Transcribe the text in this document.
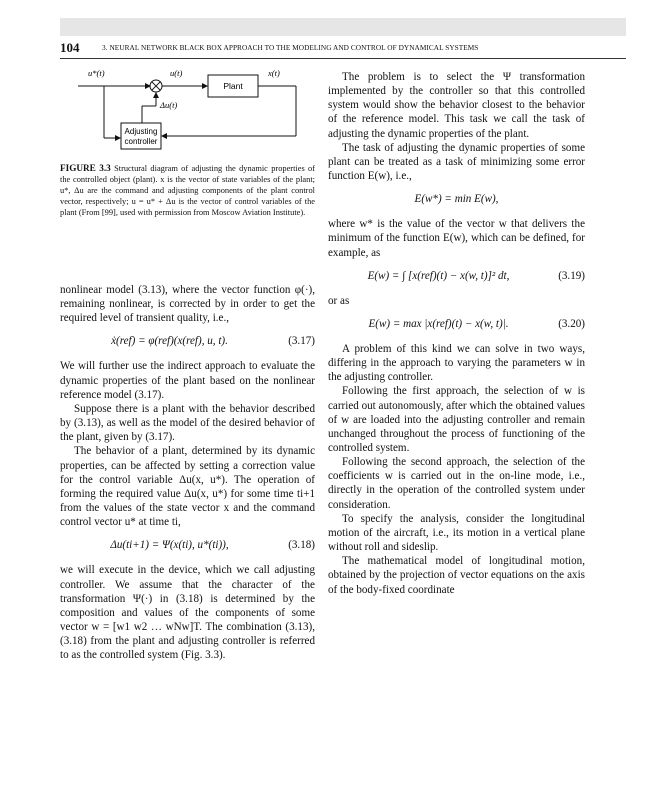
104	3. NEURAL NETWORK BLACK BOX APPROACH TO THE MODELING AND CONTROL OF DYNAMICAL SYSTEMS
u*(t)	u(t)	x(t)
Plant
Δu(t)
Adjusting
controller
FIGURE 3.3 Structural diagram of adjusting the dynamic properties of the controlled object (plant). x is the vector of state variables of the plant; u*, Δu are the command and adjusting components of the plant control vector, respectively; u = u* + Δu is the vector of control variables of the plant (From [99], used with permission from Moscow Aviation Institute).

nonlinear model (3.13), where the vector function φ(·), remaining nonlinear, is corrected by in order to get the required level of transient quality, i.e.,

ẋ(ref) = φ(ref)(x(ref), u, t).	(3.17)

We will further use the indirect approach to evaluate the dynamic properties of the plant based on the nonlinear reference model (3.17).

Suppose there is a plant with the behavior described by (3.13), as well as the model of the desired behavior of the plant, given by (3.17).

The behavior of a plant, determined by its dynamic properties, can be affected by setting a correction value for the control variable Δu(x, u*). The operation of forming the required value Δu(x, u*) for some time ti+1 from the values of the state vector x and the command control vector u* at time ti,

Δu(ti+1) = Ψ(x(ti), u*(ti)),	(3.18)

we will execute in the device, which we call adjusting controller. We assume that the character of the transformation Ψ(·) in (3.18) is determined by the composition and values of the components of some vector w = [w1 w2 … wNw]T. The combination (3.13), (3.18) from the plant and adjusting controller is referred to as the controlled system (Fig. 3.3).

The problem is to select the Ψ transformation implemented by the controller so that this controlled system would show the behavior closest to the behavior of the reference model. This task we call the task of adjusting the dynamic properties of the plant.

The task of adjusting the dynamic properties of some plant can be treated as a task of minimizing some error function E(w), i.e.,

E(w*) = min E(w),

where w* is the value of the vector w that delivers the minimum of the function E(w), which can be defined, for example, as

E(w) = ∫ [x(ref)(t) − x(w, t)]² dt,	(3.19)

or as

E(w) = max |x(ref)(t) − x(w, t)|.	(3.20)

A problem of this kind we can solve in two ways, differing in the approach to varying the parameters w in the adjusting controller.

Following the first approach, the selection of w is carried out autonomously, after which the obtained values of w are loaded into the adjusting controller and remain unchanged throughout the process of functioning of the controlled system.

Following the second approach, the selection of the coefficients w is carried out in the on-line mode, i.e., directly in the operation of the controlled system under consideration.

To specify the analysis, consider the longitudinal motion of the aircraft, i.e., its motion in a vertical plane without roll and sideslip.

The mathematical model of longitudinal motion, obtained by the projection of vector equations on the axis of the body-fixed coordinate
